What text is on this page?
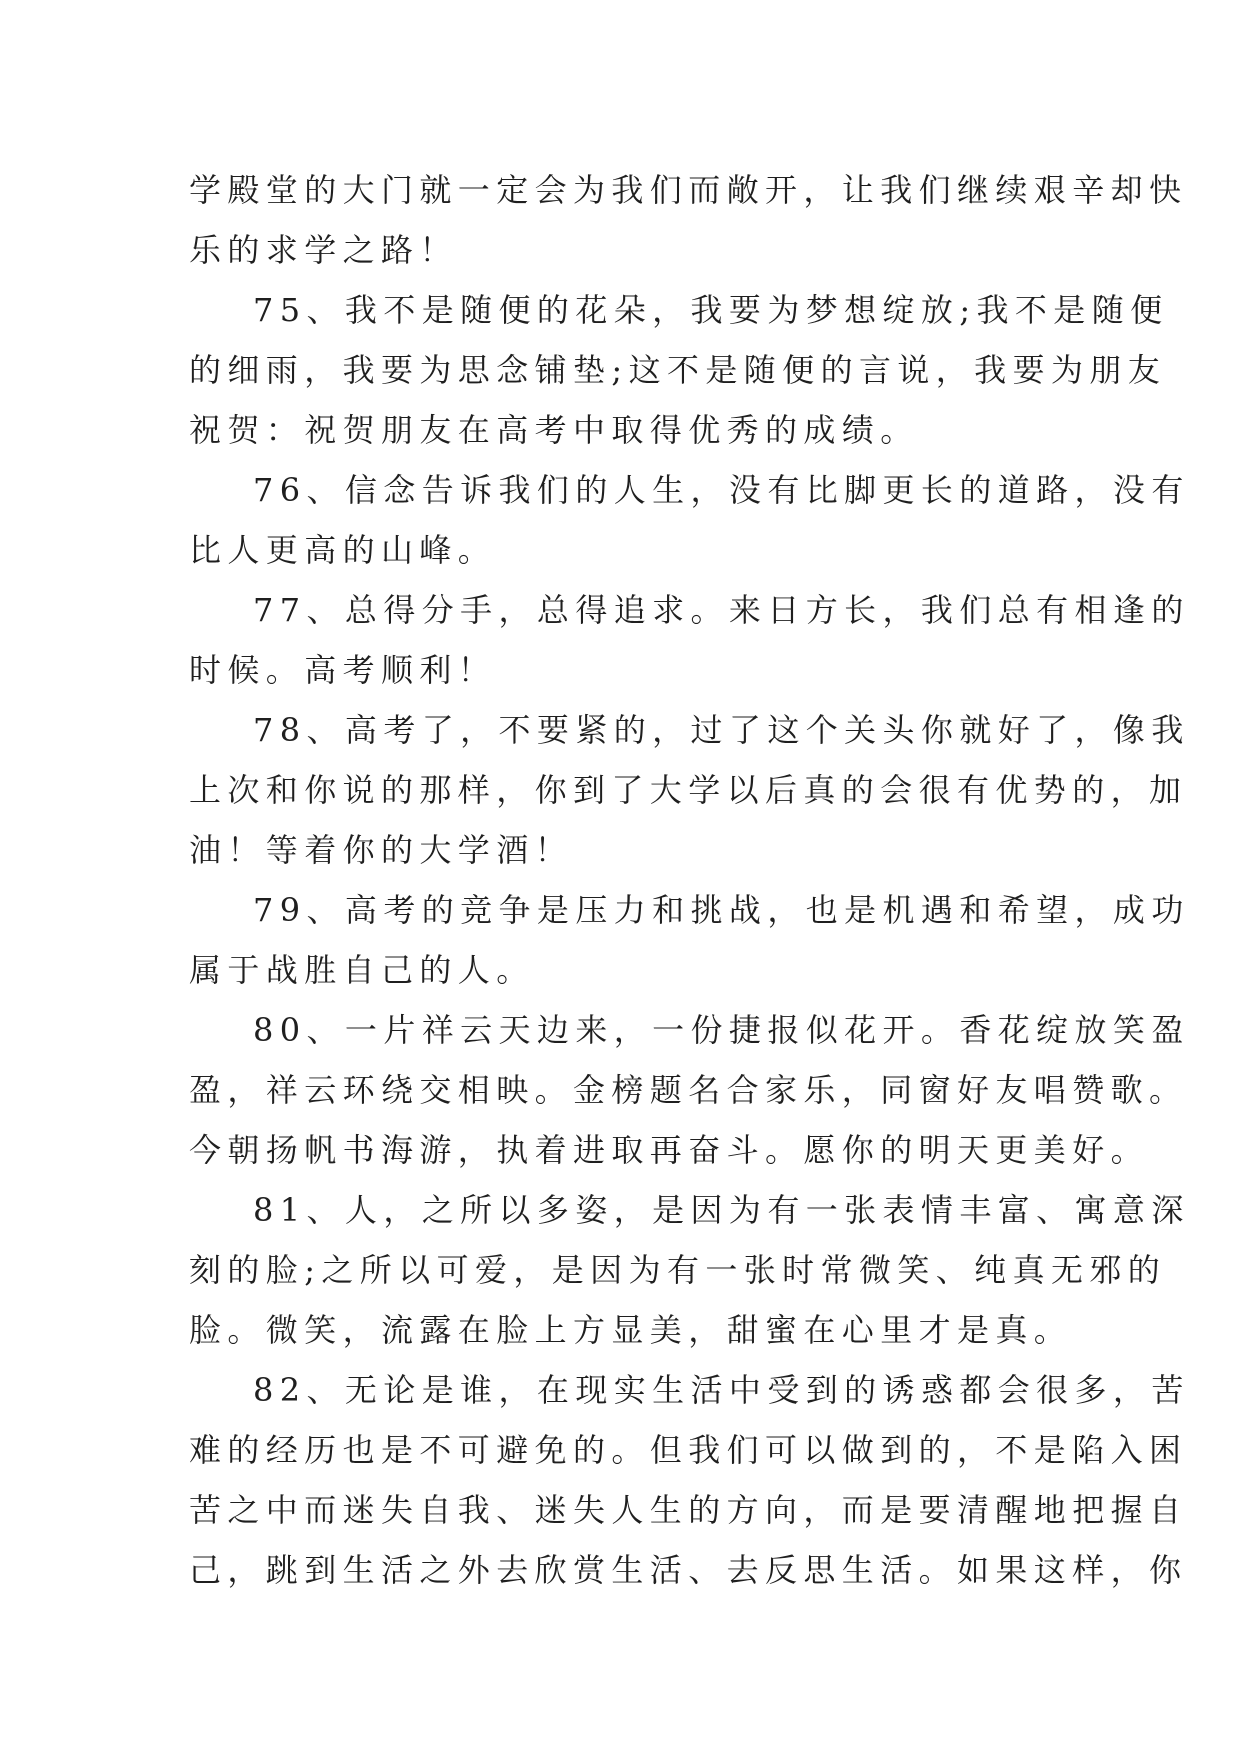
学殿堂的大门就一定会为我们而敞开，让我们继续艰辛却快
乐的求学之路！
75、我不是随便的花朵，我要为梦想绽放;我不是随便
的细雨，我要为思念铺垫;这不是随便的言说，我要为朋友
祝贺：祝贺朋友在高考中取得优秀的成绩。
76、信念告诉我们的人生，没有比脚更长的道路，没有
比人更高的山峰。
77、总得分手，总得追求。来日方长，我们总有相逢的
时候。高考顺利！
78、高考了，不要紧的，过了这个关头你就好了，像我
上次和你说的那样，你到了大学以后真的会很有优势的，加
油！等着你的大学酒！
79、高考的竞争是压力和挑战，也是机遇和希望，成功
属于战胜自己的人。
80、一片祥云天边来，一份捷报似花开。香花绽放笑盈
盈，祥云环绕交相映。金榜题名合家乐，同窗好友唱赞歌。
今朝扬帆书海游，执着进取再奋斗。愿你的明天更美好。
81、人，之所以多姿，是因为有一张表情丰富、寓意深
刻的脸;之所以可爱，是因为有一张时常微笑、纯真无邪的
脸。微笑，流露在脸上方显美，甜蜜在心里才是真。
82、无论是谁，在现实生活中受到的诱惑都会很多，苦
难的经历也是不可避免的。但我们可以做到的，不是陷入困
苦之中而迷失自我、迷失人生的方向，而是要清醒地把握自
己，跳到生活之外去欣赏生活、去反思生活。如果这样，你
